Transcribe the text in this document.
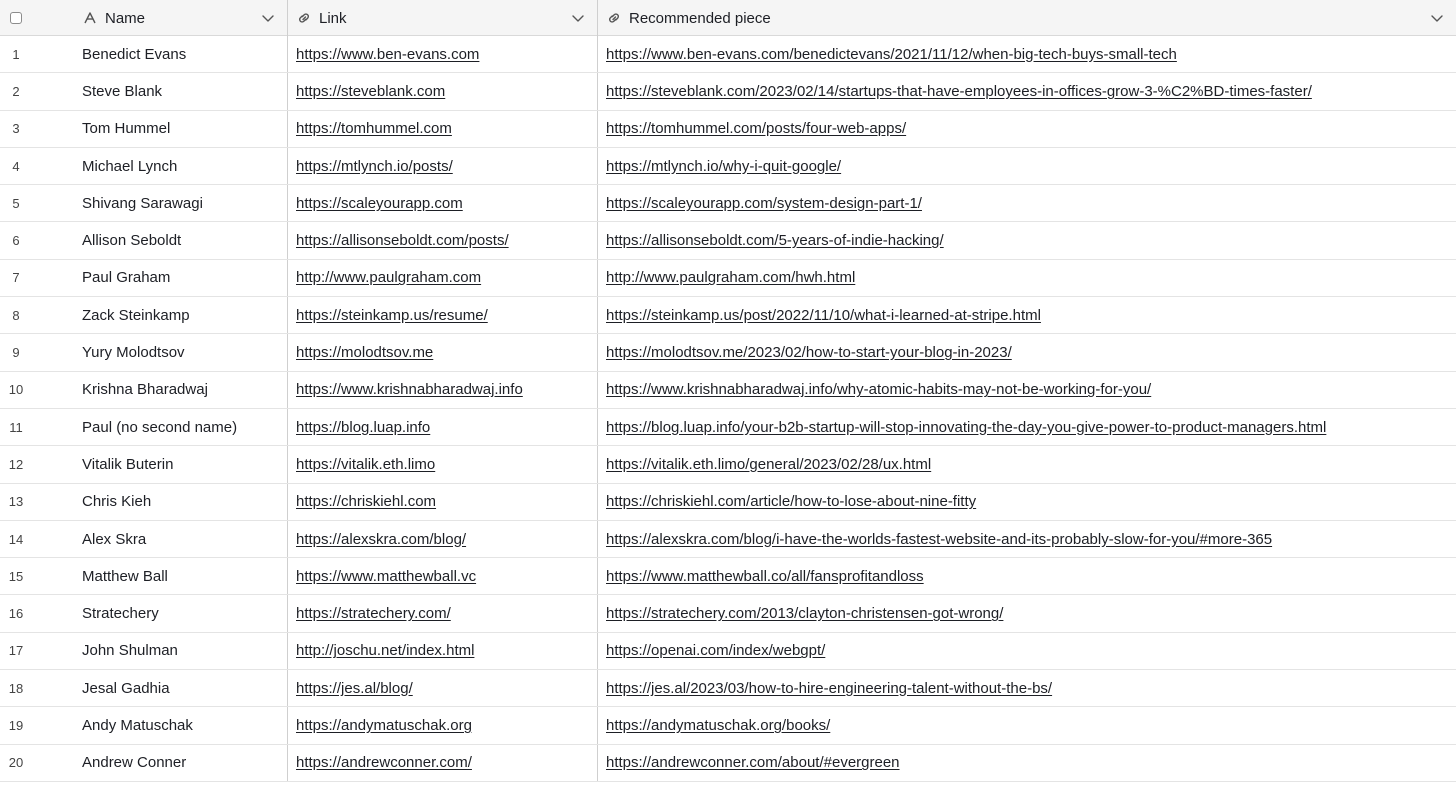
Name	Link	Recommended piece
1	Benedict Evans	https://www.ben-evans.com	https://www.ben-evans.com/benedictevans/2021/11/12/when-big-tech-buys-small-tech
2	Steve Blank	https://steveblank.com	https://steveblank.com/2023/02/14/startups-that-have-employees-in-offices-grow-3-%C2%BD-times-faster/
3	Tom Hummel	https://tomhummel.com	https://tomhummel.com/posts/four-web-apps/
4	Michael Lynch	https://mtlynch.io/posts/	https://mtlynch.io/why-i-quit-google/
5	Shivang Sarawagi	https://scaleyourapp.com	https://scaleyourapp.com/system-design-part-1/
6	Allison Seboldt	https://allisonseboldt.com/posts/	https://allisonseboldt.com/5-years-of-indie-hacking/
7	Paul Graham	http://www.paulgraham.com	http://www.paulgraham.com/hwh.html
8	Zack Steinkamp	https://steinkamp.us/resume/	https://steinkamp.us/post/2022/11/10/what-i-learned-at-stripe.html
9	Yury Molodtsov	https://molodtsov.me	https://molodtsov.me/2023/02/how-to-start-your-blog-in-2023/
10	Krishna Bharadwaj	https://www.krishnabharadwaj.info	https://www.krishnabharadwaj.info/why-atomic-habits-may-not-be-working-for-you/
11	Paul (no second name)	https://blog.luap.info	https://blog.luap.info/your-b2b-startup-will-stop-innovating-the-day-you-give-power-to-product-managers.html
12	Vitalik Buterin	https://vitalik.eth.limo	https://vitalik.eth.limo/general/2023/02/28/ux.html
13	Chris Kieh	https://chriskiehl.com	https://chriskiehl.com/article/how-to-lose-about-nine-fitty
14	Alex Skra	https://alexskra.com/blog/	https://alexskra.com/blog/i-have-the-worlds-fastest-website-and-its-probably-slow-for-you/#more-365
15	Matthew Ball	https://www.matthewball.vc	https://www.matthewball.co/all/fansprofitandloss
16	Stratechery	https://stratechery.com/	https://stratechery.com/2013/clayton-christensen-got-wrong/
17	John Shulman	http://joschu.net/index.html	https://openai.com/index/webgpt/
18	Jesal Gadhia	https://jes.al/blog/	https://jes.al/2023/03/how-to-hire-engineering-talent-without-the-bs/
19	Andy Matuschak	https://andymatuschak.org	https://andymatuschak.org/books/
20	Andrew Conner	https://andrewconner.com/	https://andrewconner.com/about/#evergreen
